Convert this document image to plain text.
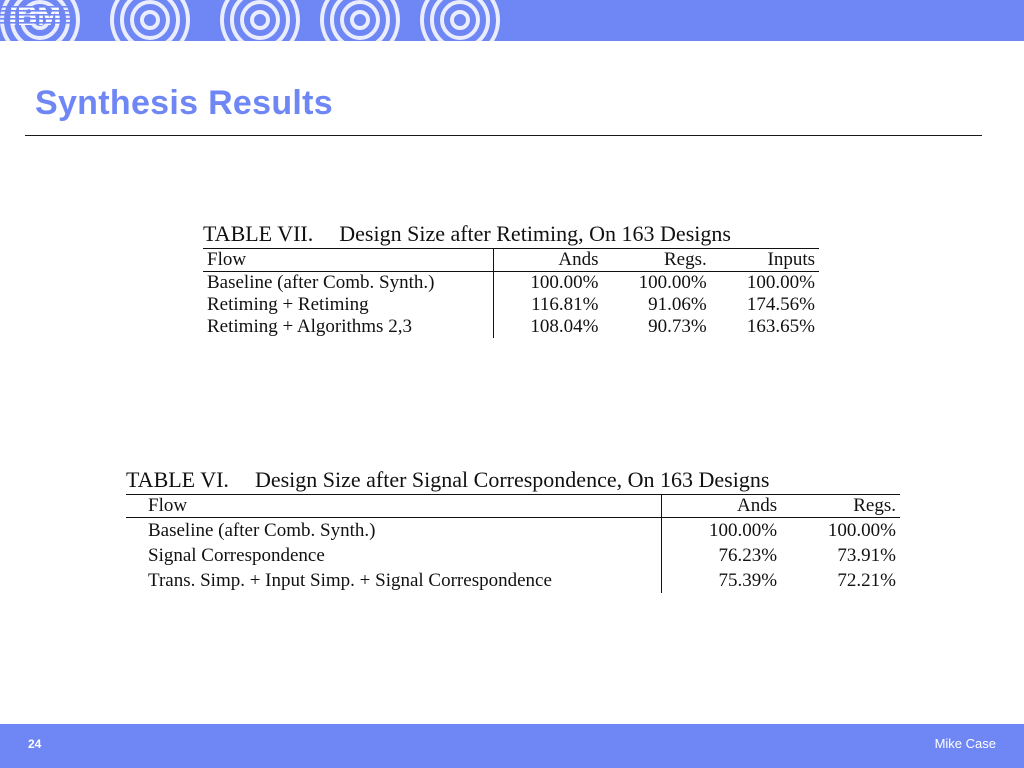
Synthesis Results
TABLE VII. Design Size after Retiming, On 163 Designs
Flow	Ands	Regs.	Inputs
Baseline (after Comb. Synth.)	100.00%	100.00%	100.00%
Retiming + Retiming	116.81%	91.06%	174.56%
Retiming + Algorithms 2,3	108.04%	90.73%	163.65%
TABLE VI. Design Size after Signal Correspondence, On 163 Designs
Flow	Ands	Regs.
Baseline (after Comb. Synth.)	100.00%	100.00%
Signal Correspondence	76.23%	73.91%
Trans. Simp. + Input Simp. + Signal Correspondence	75.39%	72.21%
24	Mike Case
